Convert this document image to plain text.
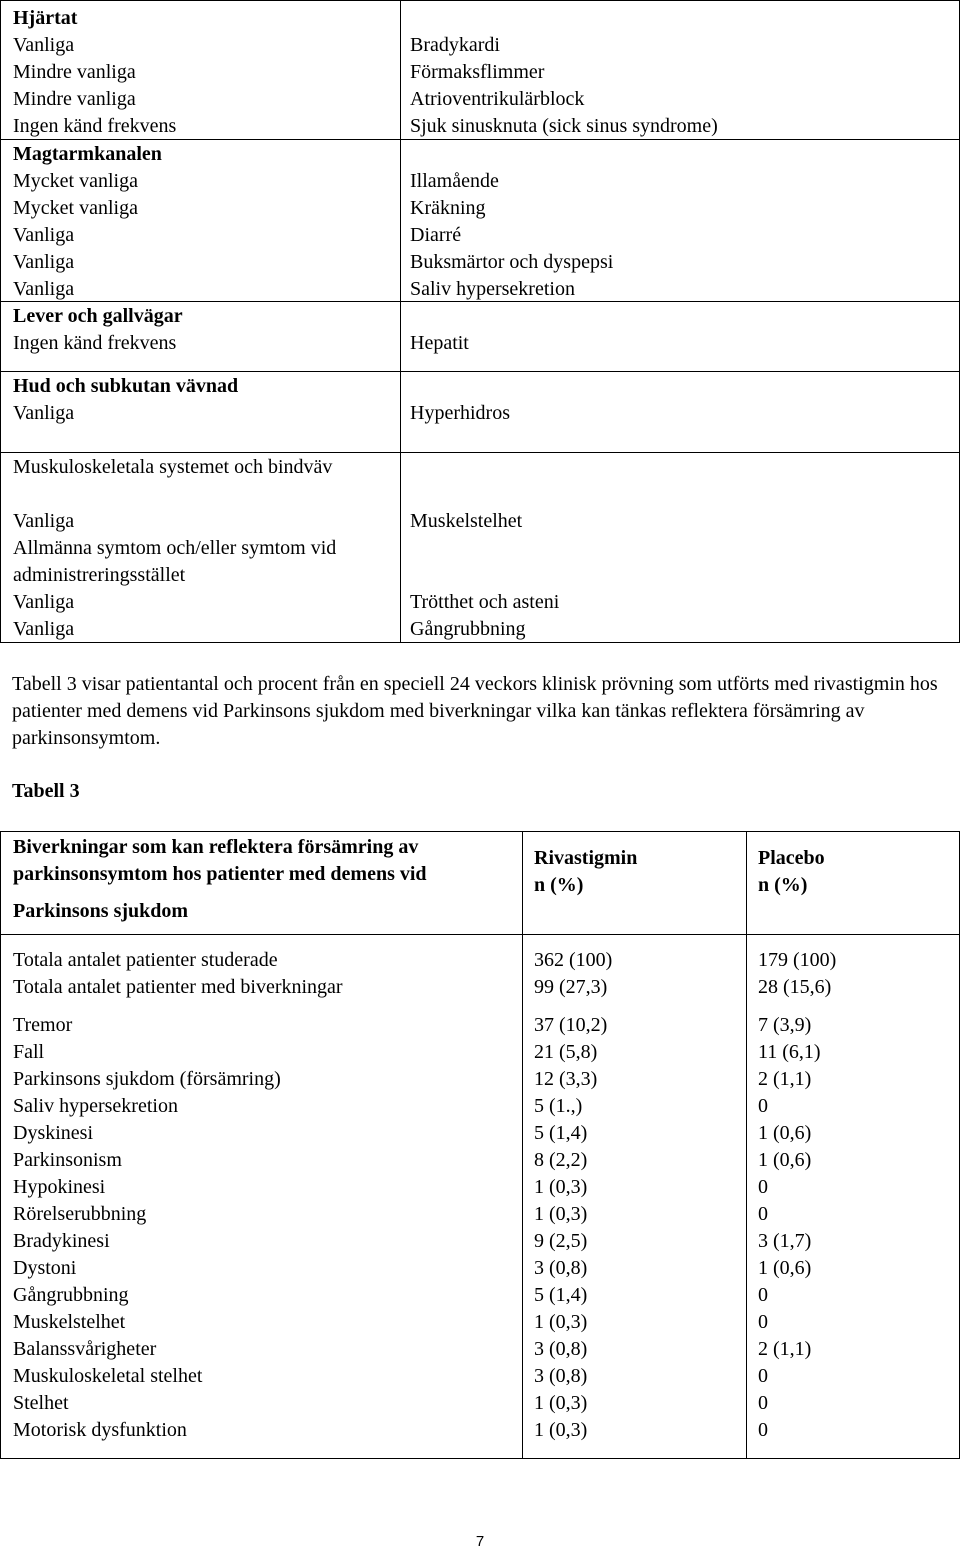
Hjärtat
Vanliga
Mindre vanliga
Mindre vanliga
Ingen känd frekvens
Bradykardi
Förmaksflimmer
Atrioventrikulärblock
Sjuk sinusknuta (sick sinus syndrome)
Magtarmkanalen
Mycket vanliga
Mycket vanliga
Vanliga
Vanliga
Vanliga
Lever och gallvägar
Ingen känd frekvens
Illamående
Kräkning
Diarré
Buksmärtor och dyspepsi
Saliv hypersekretion
Hepatit
Hud och subkutan vävnad
Vanliga	Hyperhidros
Muskuloskeletala systemet och bindväv
Vanliga
Allmänna symtom och/eller symtom vid administreringsstället
Vanliga
Vanliga
Muskelstelhet
Trötthet och asteni
Gångrubbning
Tabell 3 visar patientantal och procent från en speciell 24 veckors klinisk prövning som utförts med rivastigmin hos patienter med demens vid Parkinsons sjukdom med biverkningar vilka kan tänkas reflektera försämring av parkinsonsymtom.
Tabell 3
Biverkningar som kan reflektera försämring av
parkinsonsymtom hos patienter med demens vid
Parkinsons sjukdom
Rivastigmin
n (%)
Placebo
n (%)
Totala antalet patienter studerade
Totala antalet patienter med biverkningar
362 (100)
99 (27,3)
179 (100)
28 (15,6)
Tremor
Fall
Parkinsons sjukdom (försämring)
Saliv hypersekretion
Dyskinesi
Parkinsonism
Hypokinesi
Rörelserubbning
Bradykinesi
Dystoni
Gångrubbning
Muskelstelhet
Balanssvårigheter
Muskuloskeletal stelhet
Stelhet
Motorisk dysfunktion
37 (10,2)
21 (5,8)
12 (3,3)
5 (1.,)
5 (1,4)
8 (2,2)
1 (0,3)
1 (0,3)
9 (2,5)
3 (0,8)
5 (1,4)
1 (0,3)
3 (0,8)
3 (0,8)
1 (0,3)
1 (0,3)
7 (3,9)
11 (6,1)
2 (1,1)
0
1 (0,6)
1 (0,6)
0
0
3 (1,7)
1 (0,6)
0
0
2 (1,1)
0
0
0
7
